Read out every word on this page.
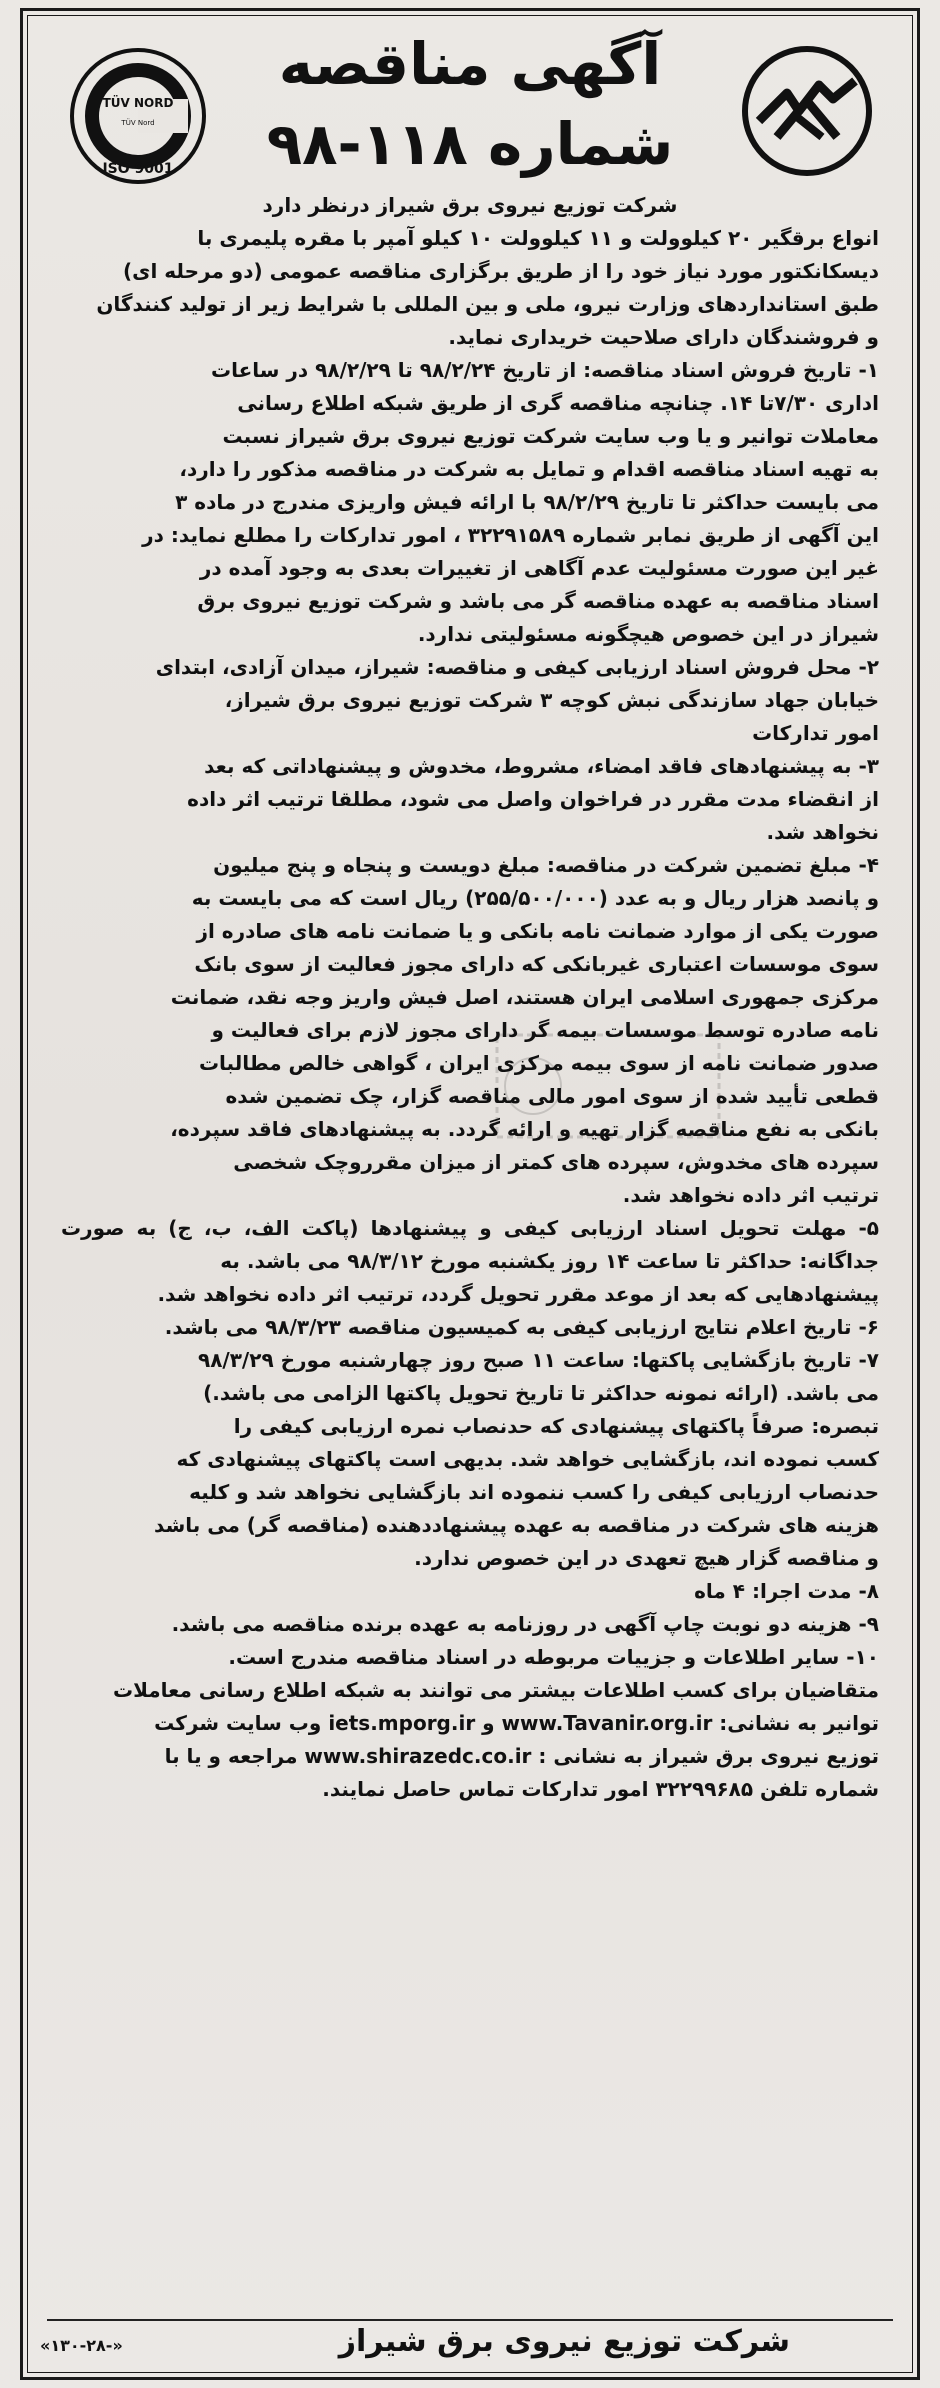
آگهی مناقصه
شماره ۱۱۸-۹۸
TÜV NORD
TÜV Nord
ISO 9001

شرکت توزیع نیروی برق شیراز درنظر دارد

انواع برقگیر ۲۰ کیلوولت و ۱۱ کیلوولت ۱۰ کیلو آمپر با مقره پلیمری با

دیسکانکتور مورد نیاز خود را از طریق برگزاری مناقصه عمومی (دو مرحله ای)

طبق استانداردهای وزارت نیرو، ملی و بین المللی با شرایط زیر از تولید کنندگان

و فروشندگان دارای صلاحیت خریداری نماید.

۱- تاریخ فروش اسناد مناقصه: از تاریخ ۹۸/۲/۲۴ تا ۹۸/۲/۲۹ در ساعات

اداری ۷/۳۰تا ۱۴. چنانچه مناقصه گری از طریق شبکه اطلاع رسانی

معاملات توانیر و یا وب سایت شرکت توزیع نیروی برق شیراز نسبت

به تهیه اسناد مناقصه اقدام و تمایل به شرکت در مناقصه مذکور را دارد،

می بایست حداکثر تا تاریخ ۹۸/۲/۲۹ با ارائه فیش واریزی مندرج در ماده ۳

این آگهی از طریق نمابر شماره ۳۲۲۹۱۵۸۹ ، امور تدارکات را مطلع نماید: در

غیر این صورت مسئولیت عدم آگاهی از تغییرات بعدی به وجود آمده در

اسناد مناقصه به عهده مناقصه گر می باشد و شرکت توزیع نیروی برق

شیراز در این خصوص هیچگونه مسئولیتی ندارد.

۲- محل فروش اسناد ارزیابی کیفی و مناقصه: شیراز، میدان آزادی، ابتدای

خیابان جهاد سازندگی نبش کوچه ۳ شرکت توزیع نیروی برق شیراز،

امور تدارکات

۳- به پیشنهادهای فاقد امضاء، مشروط، مخدوش و پیشنهاداتی که بعد

از انقضاء مدت مقرر در فراخوان واصل می شود، مطلقا ترتیب اثر داده

نخواهد شد.

۴- مبلغ تضمین شرکت در مناقصه: مبلغ دویست و پنجاه و پنج میلیون

و پانصد هزار ریال و به عدد (۲۵۵/۵۰۰/۰۰۰) ریال است که می بایست به

صورت یکی از موارد ضمانت نامه بانکی و یا ضمانت نامه های صادره از

سوی موسسات اعتباری غیربانکی که دارای مجوز فعالیت از سوی بانک

مرکزی جمهوری اسلامی ایران هستند، اصل فیش واریز وجه نقد، ضمانت

نامه صادره توسط موسسات بیمه گر دارای مجوز لازم برای فعالیت و

صدور ضمانت نامه از سوی بیمه مرکزی ایران ، گواهی خالص مطالبات

قطعی تأیید شده از سوی امور مالی مناقصه گزار، چک تضمین شده

بانکی به نفع مناقصه گزار تهیه و ارائه گردد. به پیشنهادهای فاقد سپرده،

سپرده های مخدوش، سپرده های کمتر از میزان مقرروچک شخصی

ترتیب اثر داده نخواهد شد.

۵- مهلت تحویل اسناد ارزیابی کیفی و پیشنهادها (پاکت الف، ب، ج) به صورت جداگانه: حداکثر تا ساعت ۱۴ روز یکشنبه مورخ ۹۸/۳/۱۲ می باشد. به

پیشنهادهایی که بعد از موعد مقرر تحویل گردد، ترتیب اثر داده نخواهد شد.

۶- تاریخ اعلام نتایج ارزیابی کیفی به کمیسیون مناقصه ۹۸/۳/۲۳ می باشد.

۷- تاریخ بازگشایی پاکتها: ساعت ۱۱ صبح روز چهارشنبه مورخ ۹۸/۳/۲۹

می باشد. (ارائه نمونه حداکثر تا تاریخ تحویل پاکتها الزامی می باشد.)

تبصره: صرفاً پاکتهای پیشنهادی که حدنصاب نمره ارزیابی کیفی را

کسب نموده اند، بازگشایی خواهد شد. بدیهی است پاکتهای پیشنهادی که

حدنصاب ارزیابی کیفی را کسب ننموده اند بازگشایی نخواهد شد و کلیه

هزینه های شرکت در مناقصه به عهده پیشنهاددهنده (مناقصه گر) می باشد

و مناقصه گزار هیچ تعهدی در این خصوص ندارد.

۸- مدت اجرا: ۴ ماه

۹- هزینه دو نوبت چاپ آگهی در روزنامه به عهده برنده مناقصه می باشد.

۱۰- سایر اطلاعات و جزییات مربوطه در اسناد مناقصه مندرج است.

متقاضیان برای کسب اطلاعات بیشتر می توانند به شبکه اطلاع رسانی معاملات

توانیر به نشانی: www.Tavanir.org.ir و iets.mporg.ir وب سایت شرکت

توزیع نیروی برق شیراز به نشانی : www.shirazedc.co.ir مراجعه و یا با

شماره تلفن ۳۲۲۹۹۶۸۵ امور تدارکات تماس حاصل نمایند.

شرکت توزیع نیروی برق شیراز
«۱۳۰-۲۸-»
